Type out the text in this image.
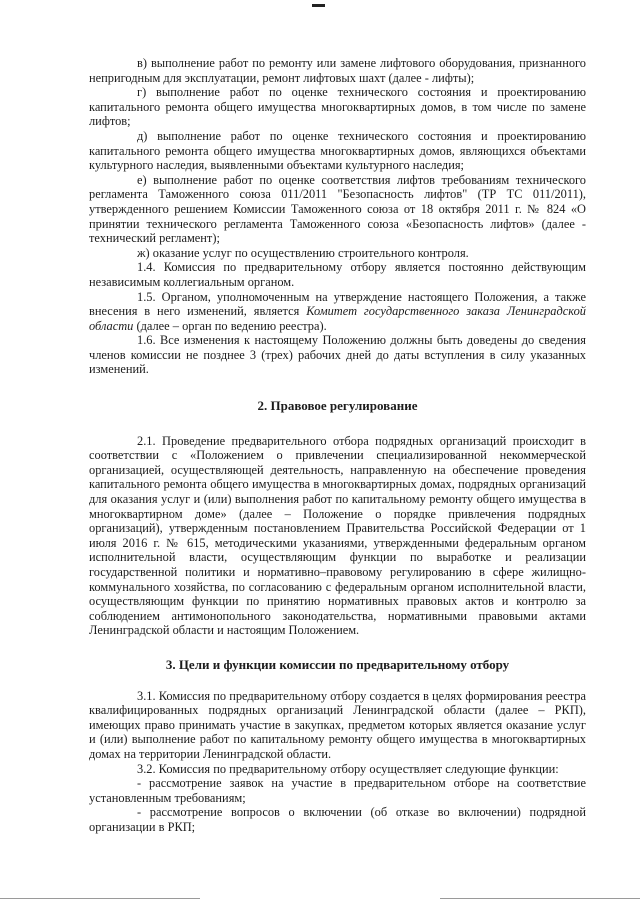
в) выполнение работ по ремонту или замене лифтового оборудования, признанного непригодным для эксплуатации, ремонт лифтовых шахт (далее - лифты);

г) выполнение работ по оценке технического состояния и проектированию капитального ремонта общего имущества многоквартирных домов, в том числе по замене лифтов;

д) выполнение работ по оценке технического состояния и проектированию капитального ремонта общего имущества многоквартирных домов, являющихся объектами культурного наследия, выявленными объектами культурного наследия;

е) выполнение работ по оценке соответствия лифтов требованиям технического регламента Таможенного союза 011/2011 "Безопасность лифтов" (ТР ТС 011/2011), утвержденного решением Комиссии Таможенного союза от 18 октября 2011 г. № 824 «О принятии технического регламента Таможенного союза «Безопасность лифтов» (далее - технический регламент);

ж) оказание услуг по осуществлению строительного контроля.

1.4. Комиссия по предварительному отбору является постоянно действующим независимым коллегиальным органом.

1.5. Органом, уполномоченным на утверждение настоящего Положения, а также внесения в него изменений, является Комитет государственного заказа Ленинградской области (далее – орган по ведению реестра).

1.6. Все изменения к настоящему Положению должны быть доведены до сведения членов комиссии не позднее 3 (трех) рабочих дней до даты вступления в силу указанных изменений.

2. Правовое регулирование

2.1. Проведение предварительного отбора подрядных организаций происходит в соответствии с «Положением о привлечении специализированной некоммерческой организацией, осуществляющей деятельность, направленную на обеспечение проведения капитального ремонта общего имущества в многоквартирных домах, подрядных организаций для оказания услуг и (или) выполнения работ по капитальному ремонту общего имущества в многоквартирном доме» (далее – Положение о порядке привлечения подрядных организаций), утвержденным постановлением Правительства Российской Федерации от 1 июля 2016 г. № 615, методическими указаниями, утвержденными федеральным органом исполнительной власти, осуществляющим функции по выработке и реализации государственной политики и нормативно–правовому регулированию в сфере жилищно-коммунального хозяйства, по согласованию с федеральным органом исполнительной власти, осуществляющим функции по принятию нормативных правовых актов и контролю за соблюдением антимонопольного законодательства, нормативными правовыми актами Ленинградской области и настоящим Положением.

3. Цели и функции комиссии по предварительному отбору

3.1. Комиссия по предварительному отбору создается в целях формирования реестра квалифицированных подрядных организаций Ленинградской области (далее – РКП), имеющих право принимать участие в закупках, предметом которых является оказание услуг и (или) выполнение работ по капитальному ремонту общего имущества в многоквартирных домах на территории Ленинградской области.

3.2. Комиссия по предварительному отбору осуществляет следующие функции:

- рассмотрение заявок на участие в предварительном отборе на соответствие установленным требованиям;

- рассмотрение вопросов о включении (об отказе во включении) подрядной организации в РКП;
